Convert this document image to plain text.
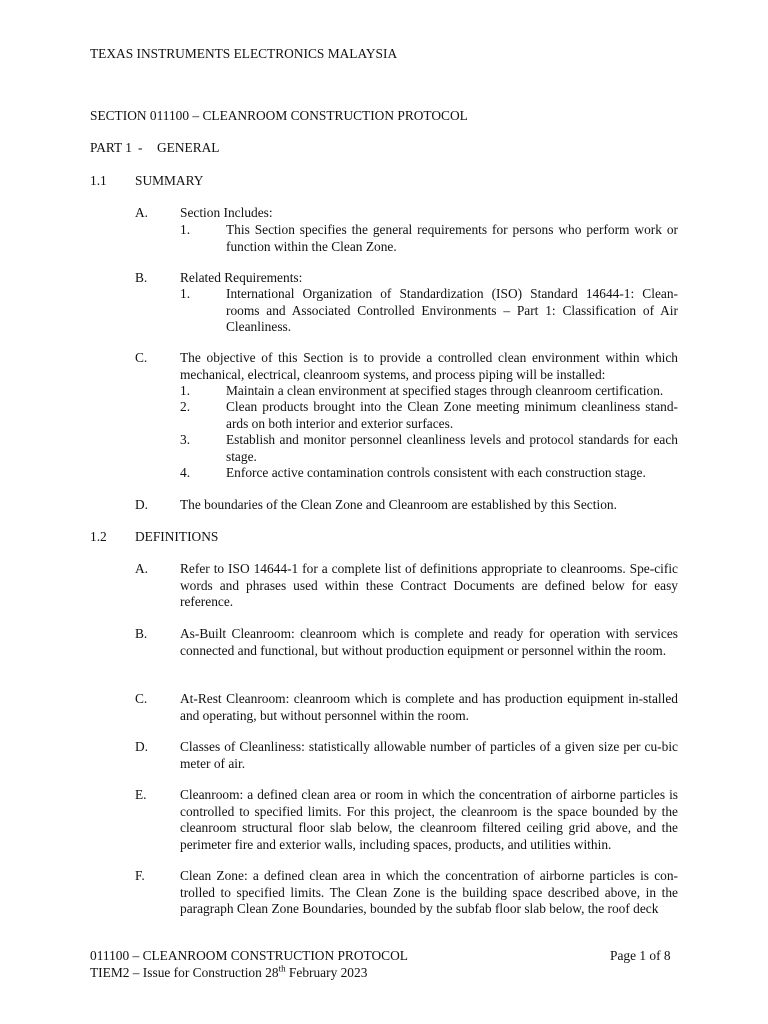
TEXAS INSTRUMENTS ELECTRONICS MALAYSIA
SECTION 011100 – CLEANROOM CONSTRUCTION PROTOCOL
PART 1 - GENERAL
1.1 SUMMARY
A. Section Includes:
1.	This Section specifies the general requirements for persons who perform work or function within the Clean Zone.
B. Related Requirements:
1.	International Organization of Standardization (ISO) Standard 14644-1: Clean-rooms and Associated Controlled Environments – Part 1: Classification of Air Cleanliness.
C. The objective of this Section is to provide a controlled clean environment within which mechanical, electrical, cleanroom systems, and process piping will be installed:
1.	Maintain a clean environment at specified stages through cleanroom certification.
2.	Clean products brought into the Clean Zone meeting minimum cleanliness stand-ards on both interior and exterior surfaces.
3.	Establish and monitor personnel cleanliness levels and protocol standards for each stage.
4.	Enforce active contamination controls consistent with each construction stage.
D. The boundaries of the Clean Zone and Cleanroom are established by this Section.
1.2 DEFINITIONS
A. Refer to ISO 14644-1 for a complete list of definitions appropriate to cleanrooms. Spe-cific words and phrases used within these Contract Documents are defined below for easy reference.
B. As-Built Cleanroom: cleanroom which is complete and ready for operation with services connected and functional, but without production equipment or personnel within the room.
C. At-Rest Cleanroom: cleanroom which is complete and has production equipment in-stalled and operating, but without personnel within the room.
D. Classes of Cleanliness: statistically allowable number of particles of a given size per cu-bic meter of air.
E. Cleanroom: a defined clean area or room in which the concentration of airborne particles is controlled to specified limits. For this project, the cleanroom is the space bounded by the cleanroom structural floor slab below, the cleanroom filtered ceiling grid above, and the perimeter fire and exterior walls, including spaces, products, and utilities within.
F.	Clean Zone: a defined clean area in which the concentration of airborne particles is con-trolled to specified limits. The Clean Zone is the building space described above, in the paragraph Clean Zone Boundaries, bounded by the subfab floor slab below, the roof deck
011100 – CLEANROOM CONSTRUCTION PROTOCOL	Page 1 of 8
TIEM2 – Issue for Construction 28th February 2023
